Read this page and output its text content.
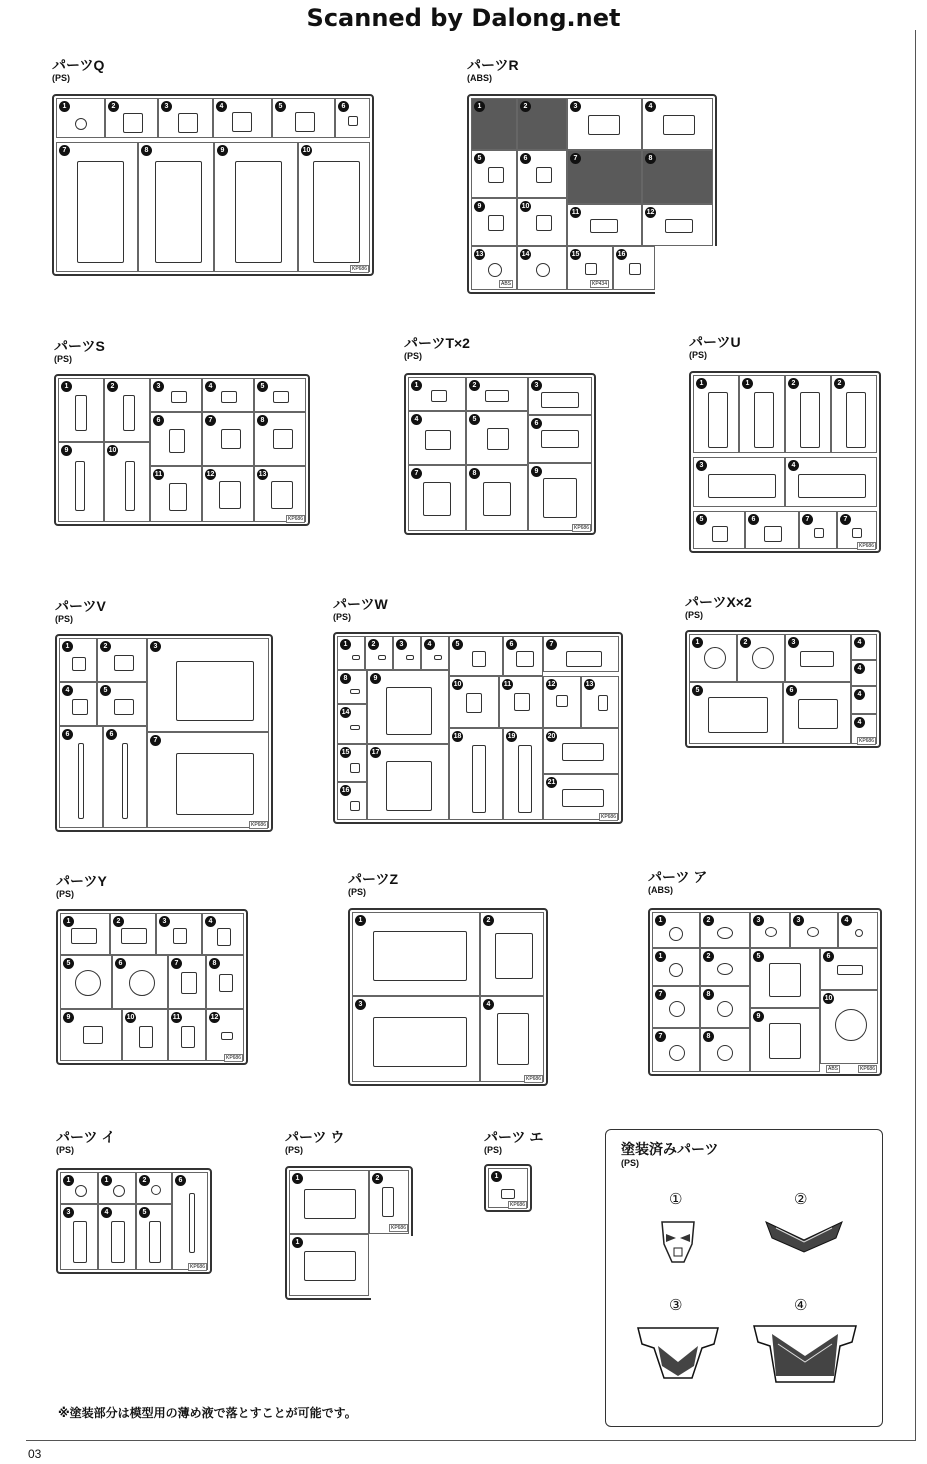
Scanned by Dalong.net
パーツQ
(PS)
1	2	3	4	5	6
7	8	9	10
KP686
パーツR
(ABS)
1	2	3	4
5	6	7	8
9	10
11	12
13
ABS
14	15
KP434
16
パーツS
(PS)
1	2	3	4	5
6	7	8
9	10
11	12	13
KP686
パーツT×2
(PS)
1	2	3
4	5
6
7	8	9
KP686
パーツU
(PS)
1	1	2	2
3	4
5	6	7	7
KP686
パーツV
(PS)
1	2	3
4	5
6	6
7
KP686
パーツW
(PS)
1	2	3	4	5	6	7
8	9
10	11	12	13
14
15
16
17
18	19	20
21
KP686
パーツX×2
(PS)
1	2	3	4
4
5	6
4
4
KP686
パーツY
(PS)
1	2	3	4
5	6	7	8
9	10	11	12
KP686
パーツZ
(PS)
1	2
3	4
KP686
パーツ ア
(ABS)
1	2	3	3	4
1	2	5	6
7	8
9
10
7	8
KP686
ABS
パーツ イ
(PS)
1	1	2	6
3	4	5
KP686
パーツ ウ
(PS)
1	2
1
KP686
パーツ エ
(PS)
1
KP686
塗装済みパーツ
(PS)
①	②
③	④
※塗装部分は模型用の薄め液で落とすことが可能です。
03
